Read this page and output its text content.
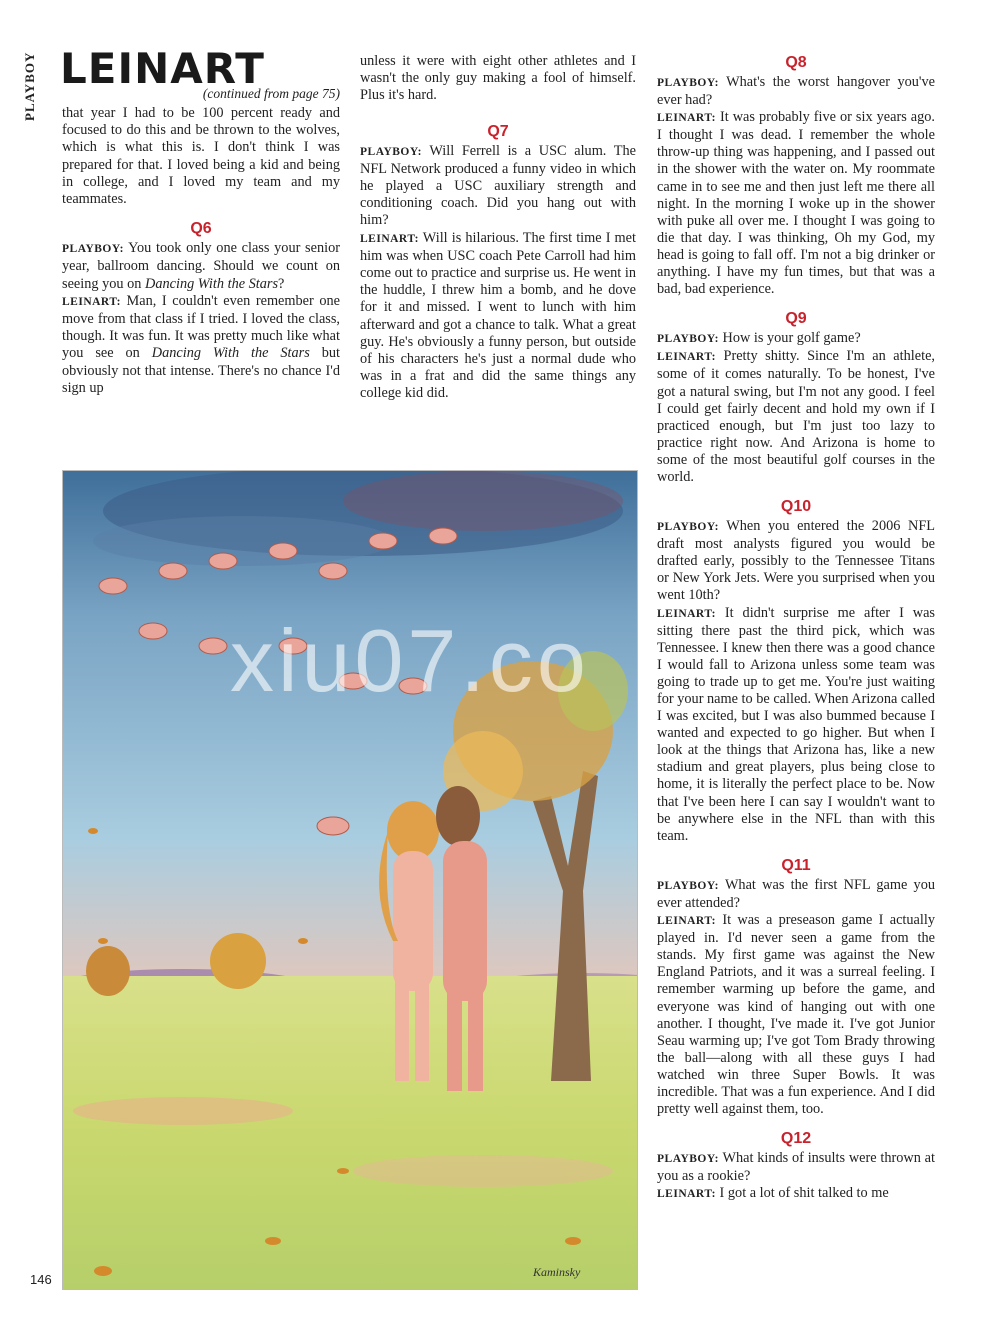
PLAYBOY LEINART
(continued from page 75)

that year I had to be 100 percent ready and focused to do this and be thrown to the wolves, which is what this is. I don't think I was prepared for that. I loved being a kid and being in college, and I loved my team and my teammates.

Q6

PLAYBOY: You took only one class your senior year, ballroom dancing. Should we count on seeing you on Dancing With the Stars?

LEINART: Man, I couldn't even remember one move from that class if I tried. I loved the class, though. It was fun. It was pretty much like what you see on Dancing With the Stars but obviously not that intense. There's no chance I'd sign up

unless it were with eight other athletes and I wasn't the only guy making a fool of himself. Plus it's hard.

Q7

PLAYBOY: Will Ferrell is a USC alum. The NFL Network produced a funny video in which he played a USC auxiliary strength and conditioning coach. Did you hang out with him?

LEINART: Will is hilarious. The first time I met him was when USC coach Pete Carroll had him come out to practice and surprise us. He went in the huddle, I threw him a bomb, and he dove for it and missed. I went to lunch with him afterward and got a chance to talk. What a great guy. He's obviously a funny person, but outside of his characters he's just a normal dude who was in a frat and did the same things any college kid did.

Q8

PLAYBOY: What's the worst hangover you've ever had?

LEINART: It was probably five or six years ago. I thought I was dead. I remember the whole throw-up thing was happening, and I passed out in the shower with the water on. My roommate came in to see me and then just left me there all night. In the morning I woke up in the shower with puke all over me. I thought I was going to die that day. I was thinking, Oh my God, my head is going to fall off. I'm not a big drinker or anything. I have my fun times, but that was a bad, bad experience.

Q9

PLAYBOY: How is your golf game?

LEINART: Pretty shitty. Since I'm an athlete, some of it comes naturally. To be honest, I've got a natural swing, but I'm not any good. I feel I could get fairly decent and hold my own if I practiced enough, but I'm just too lazy to practice right now. And Arizona is home to some of the most beautiful golf courses in the world.

Q10

PLAYBOY: When you entered the 2006 NFL draft most analysts figured you would be drafted early, possibly to the Tennessee Titans or New York Jets. Were you surprised when you went 10th?

LEINART: It didn't surprise me after I was sitting there past the third pick, which was Tennessee. I knew then there was a good chance I would fall to Arizona unless some team was going to trade up to get me. You're just waiting for your name to be called. When Arizona called I was excited, but I was also bummed because I wanted and expected to go higher. But when I look at the things that Arizona has, like a new stadium and great players, plus being close to home, it is literally the perfect place to be. Now that I've been here I can say I wouldn't want to be anywhere else in the NFL than with this team.

Q11

PLAYBOY: What was the first NFL game you ever attended?

LEINART: It was a preseason game I actually played in. I'd never seen a game from the stands. My first game was against the New England Patriots, and it was a surreal feeling. I remember warming up before the game, and everyone was kind of hanging out with one another. I thought, I've made it. I've got Junior Seau warming up; I've got Tom Brady throwing the ball—along with all these guys I had watched win three Super Bowls. It was incredible. That was a fun experience. And I did pretty well against them, too.

Q12

PLAYBOY: What kinds of insults were thrown at you as a rookie?

LEINART: I got a lot of shit talked to me

Kaminsky
xiu07.co
146
